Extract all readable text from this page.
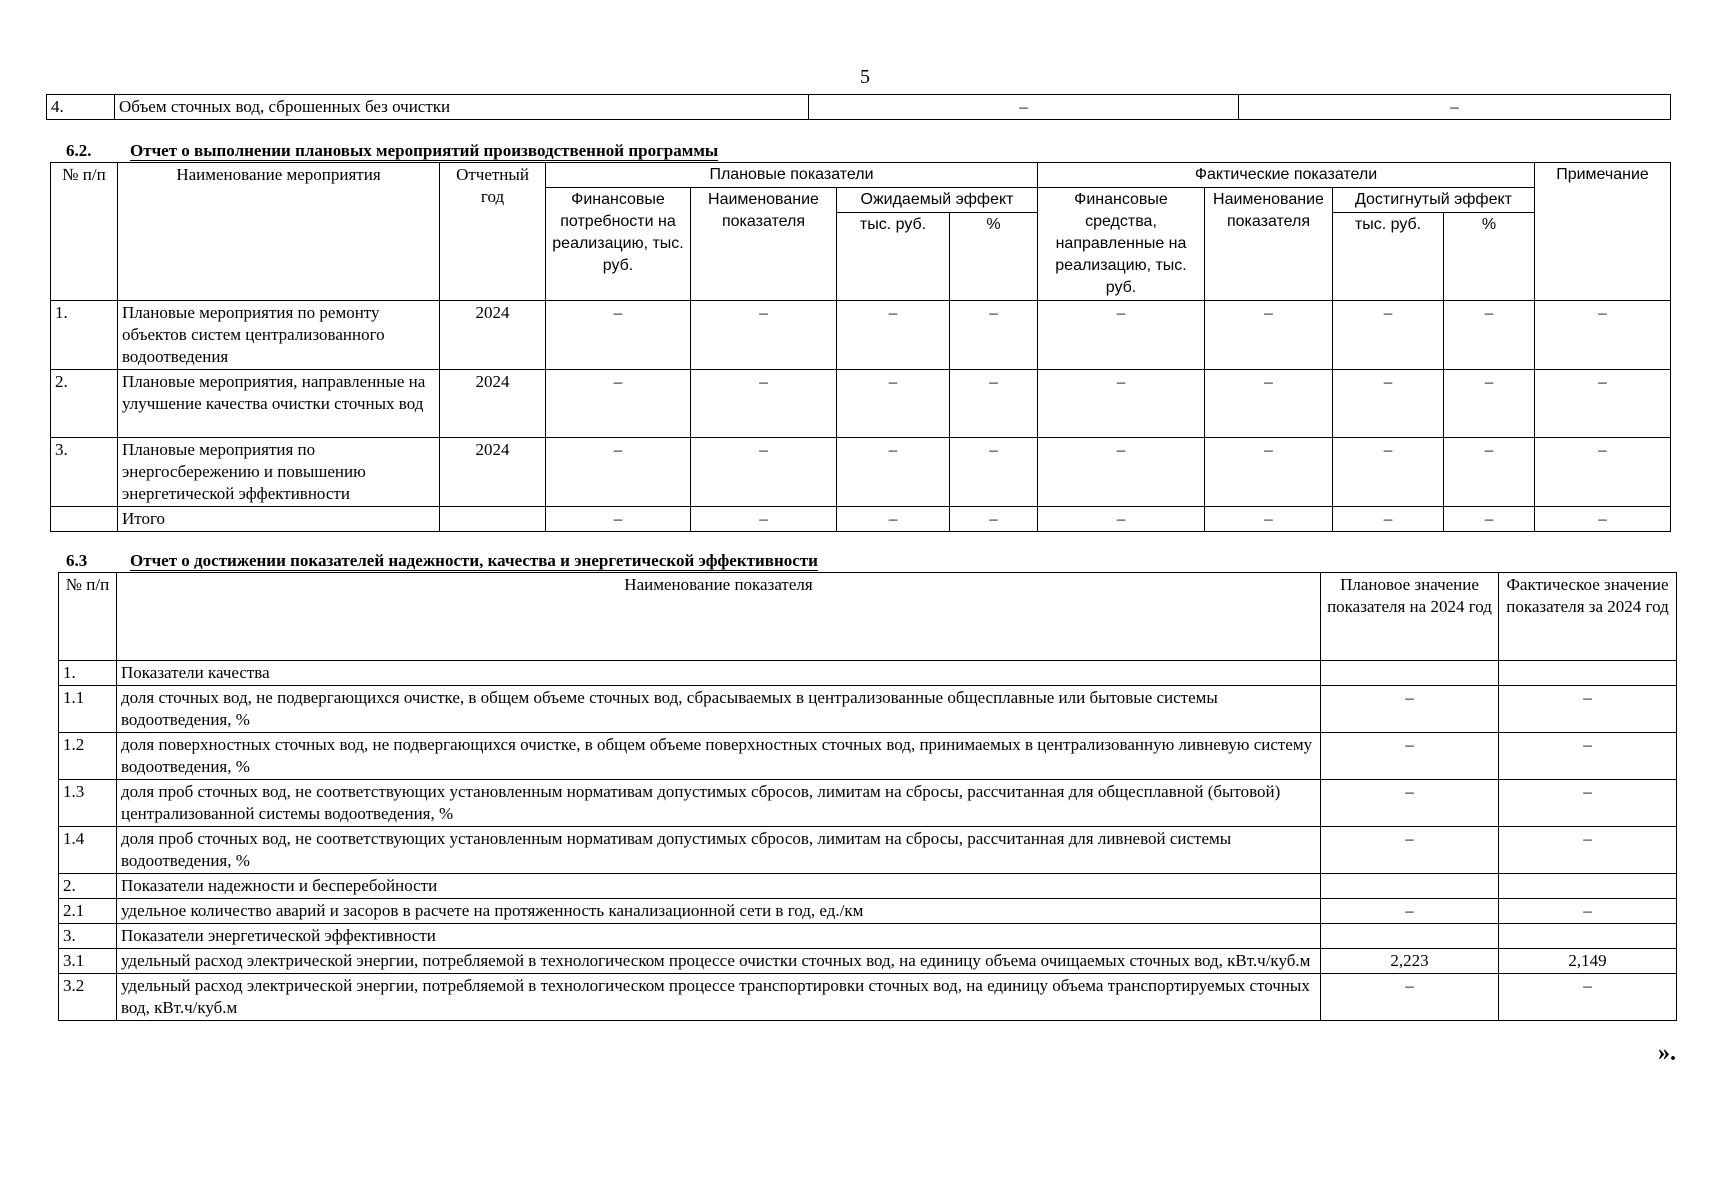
5
4.	Объем сточных вод, сброшенных без очистки	–	–
6.2. Отчет о выполнении плановых мероприятий производственной программы
№ п/п	Наименование мероприятия	Отчетный год	Плановые показатели				Фактические показатели				Примечание
			Финансовые потребности на реализацию, тыс. руб.	Наименование показателя	Ожидаемый эффект		Финансовые средства, направленные на реализацию, тыс. руб.	Наименование показателя	Достигнутый эффект		
					тыс. руб.	%			тыс. руб.	%	
1.	Плановые мероприятия по ремонту объектов систем централизованного водоотведения	2024	–	–	–	–	–	–	–	–	–
2.	Плановые мероприятия, направленные на улучшение качества очистки сточных вод	2024	–	–	–	–	–	–	–	–	–
3.	Плановые мероприятия по энергосбережению и повышению энергетической эффективности	2024	–	–	–	–	–	–	–	–	–
	Итого		–	–	–	–	–	–	–	–	–
6.3	Отчет о достижении показателей надежности, качества и энергетической эффективности
№ п/п	Наименование показателя	Плановое значение показателя на 2024 год	Фактическое значение показателя за 2024 год
1.	Показатели качества		
1.1	доля сточных вод, не подвергающихся очистке, в общем объеме сточных вод, сбрасываемых в централизованные общесплавные или бытовые системы водоотведения, %	–	–
1.2	доля поверхностных сточных вод, не подвергающихся очистке, в общем объеме поверхностных сточных вод, принимаемых в централизованную ливневую систему водоотведения, %	–	–
1.3	доля проб сточных вод, не соответствующих установленным нормативам допустимых сбросов, лимитам на сбросы, рассчитанная для общесплавной (бытовой) централизованной системы водоотведения, %	–	–
1.4	доля проб сточных вод, не соответствующих установленным нормативам допустимых сбросов, лимитам на сбросы, рассчитанная для ливневой системы водоотведения, %	–	–
2.	Показатели надежности и бесперебойности		
2.1	удельное количество аварий и засоров в расчете на протяженность канализационной сети в год, ед./км	–	–
3.	Показатели энергетической эффективности		
3.1	удельный расход электрической энергии, потребляемой в технологическом процессе очистки сточных вод, на единицу объема очищаемых сточных вод, кВт.ч/куб.м	2,223	2,149
3.2	удельный расход электрической энергии, потребляемой в технологическом процессе транспортировки сточных вод, на единицу объема транспортируемых сточных вод, кВт.ч/куб.м	–	–
».
